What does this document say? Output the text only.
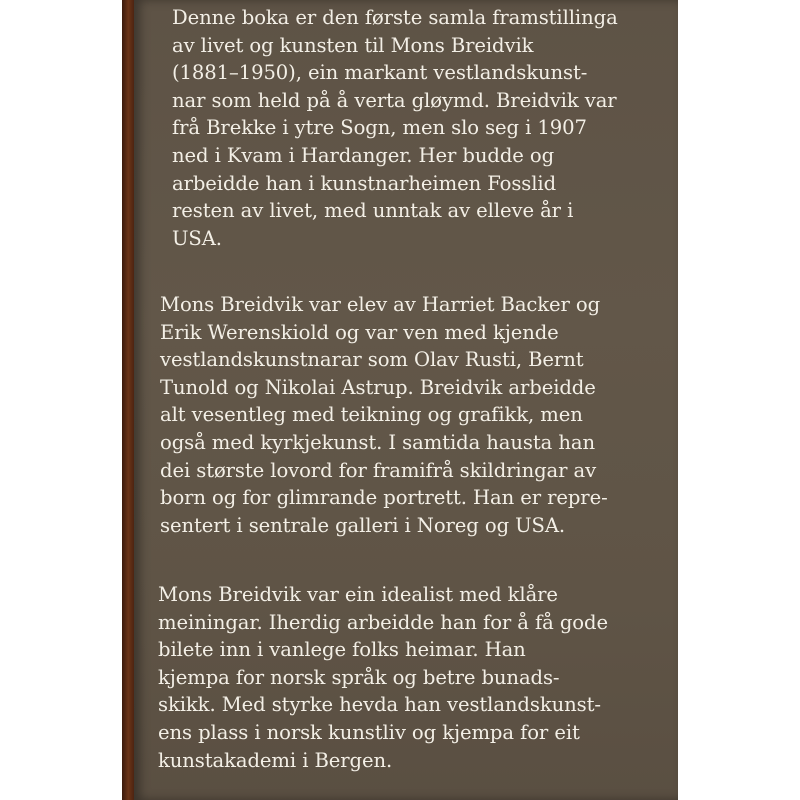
Denne boka er den første samla framstillinga
av livet og kunsten til Mons Breidvik
(1881–1950), ein markant vestlandskunst-
nar som held på å verta gløymd. Breidvik var
frå Brekke i ytre Sogn, men slo seg i 1907
ned i Kvam i Hardanger. Her budde og
arbeidde han i kunstnarheimen Fosslid
resten av livet, med unntak av elleve år i
USA.

Mons Breidvik var elev av Harriet Backer og
Erik Werenskiold og var ven med kjende
vestlandskunstnarar som Olav Rusti, Bernt
Tunold og Nikolai Astrup. Breidvik arbeidde
alt vesentleg med teikning og grafikk, men
også med kyrkjekunst. I samtida hausta han
dei største lovord for framifrå skildringar av
born og for glimrande portrett. Han er repre-
sentert i sentrale galleri i Noreg og USA.

Mons Breidvik var ein idealist med klåre
meiningar. Iherdig arbeidde han for å få gode
bilete inn i vanlege folks heimar. Han
kjempa for norsk språk og betre bunads-
skikk. Med styrke hevda han vestlandskunst-
ens plass i norsk kunstliv og kjempa for eit
kunstakademi i Bergen.
